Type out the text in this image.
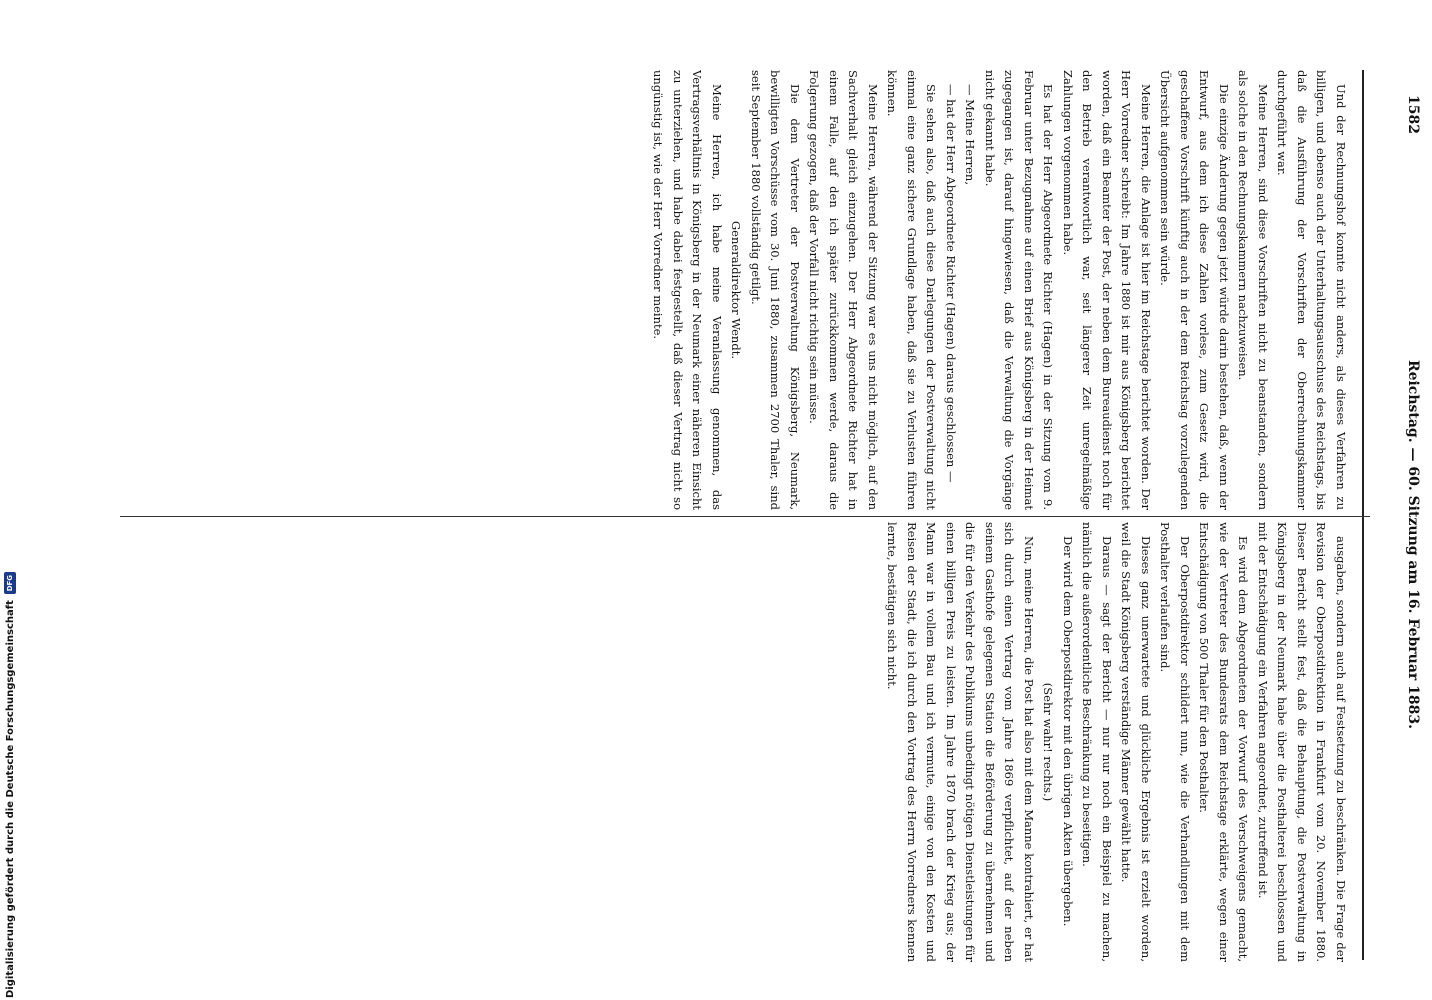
1582
Reichstag. — 60. Sitzung am 16. Februar 1883.

Und der Rechnungshof konnte nicht anders, als dieses Verfahren zu billigen, und ebenso auch der Unterhaltungsausschuss des Reichstags, bis daß die Ausführung der Vorschriften der Oberrechnungskammer durchgeführt war.

Meine Herren, sind diese Vorschriften nicht zu beanstanden, sondern als solche in den Rechnungskammern nachzuweisen.

Die einzige Änderung gegen jetzt würde darin bestehen, daß, wenn der Entwurf, aus dem ich diese Zahlen vorlese, zum Gesetz wird, die geschaffene Vorschrift künftig auch in der dem Reichstag vorzulegenden Übersicht aufgenommen sein würde.

Meine Herren, die Anlage ist hier im Reichstage berichtet worden. Der Herr Vorredner schreibt: Im Jahre 1880 ist mir aus Königsberg berichtet worden, daß ein Beamter der Post, der neben dem Bureaudienst noch für den Betrieb verantwortlich war, seit längerer Zeit unregelmäßige Zahlungen vorgenommen habe.

Es hat der Herr Abgeordnete Richter (Hagen) in der Sitzung vom 9. Februar unter Bezugnahme auf einen Brief aus Königsberg in der Heimat zugegangen ist, darauf hingewiesen, daß die Verwaltung die Vorgänge nicht gekannt habe.

— Meine Herren,

— hat der Herr Abgeordnete Richter (Hagen) daraus geschlossen —

Sie sehen also, daß auch diese Darlegungen der Postverwaltung nicht einmal eine ganz sichere Grundlage haben, daß sie zu Verlusten führen können.

Meine Herren, während der Sitzung war es uns nicht möglich, auf den Sachverhalt gleich einzugehen. Der Herr Abgeordnete Richter hat in einem Falle, auf den ich später zurückkommen werde, daraus die Folgerung gezogen, daß der Vorfall nicht richtig sein müsse.

Die dem Vertreter der Postverwaltung Königsberg, Neumark, bewilligten Vorschüsse vom 30. Juni 1880, zusammen 2700 Thaler, sind seit September 1880 vollständig getilgt.

Generaldirektor Wendt.

Meine Herren, ich habe meine Veranlassung genommen, das Vertragsverhältnis in Königsberg in der Neumark einer näheren Einsicht zu unterziehen, und habe dabei festgestellt, daß dieser Vertrag nicht so ungünstig ist, wie der Herr Vorredner meinte.

ausgaben, sondern auch auf Festsetzung zu beschränken. Die Frage der Revision der Oberpostdirektion in Frankfurt vom 20. November 1880. Dieser Bericht stellt fest, daß die Behauptung, die Postverwaltung in Königsberg in der Neumark habe über die Posthalterei beschlossen und mit der Entschädigung ein Verfahren angeordnet, zutreffend ist.

Es wird dem Abgeordneten der Vorwurf des Verschweigens gemacht, wie der Vertreter des Bundesrats dem Reichstage erklärte, wegen einer Entschädigung von 500 Thaler für den Posthalter.

Der Oberpostdirektor schildert nun, wie die Verhandlungen mit dem Posthalter verlaufen sind.

Dieses ganz unerwartete und glückliche Ergebnis ist erzielt worden, weil die Stadt Königsberg verständige Männer gewählt hatte.

Daraus — sagt der Bericht — nur nur noch ein Beispiel zu machen, nämlich die außerordentliche Beschränkung zu beseitigen.

Der wird dem Oberpostdirektor mit den übrigen Akten übergeben.

(Sehr wahr! rechts.)

Nun, meine Herren, die Post hat also mit dem Manne kontrahiert, er hat sich durch einen Vertrag vom Jahre 1869 verpflichtet, auf der neben seinem Gasthofe gelegenen Station die Beförderung zu übernehmen und die für den Verkehr des Publikums unbedingt nötigen Dienstleistungen für einen billigen Preis zu leisten. Im Jahre 1870 brach der Krieg aus; der Mann war in vollem Bau und ich vermute, einige von den Kosten und Reisen der Stadt, die ich durch den Vortrag des Herrn Vorredners kennen lernte, bestätigen sich nicht.

Digitalisierung gefördert durch die Deutsche Forschungsgemeinschaft
DFG
